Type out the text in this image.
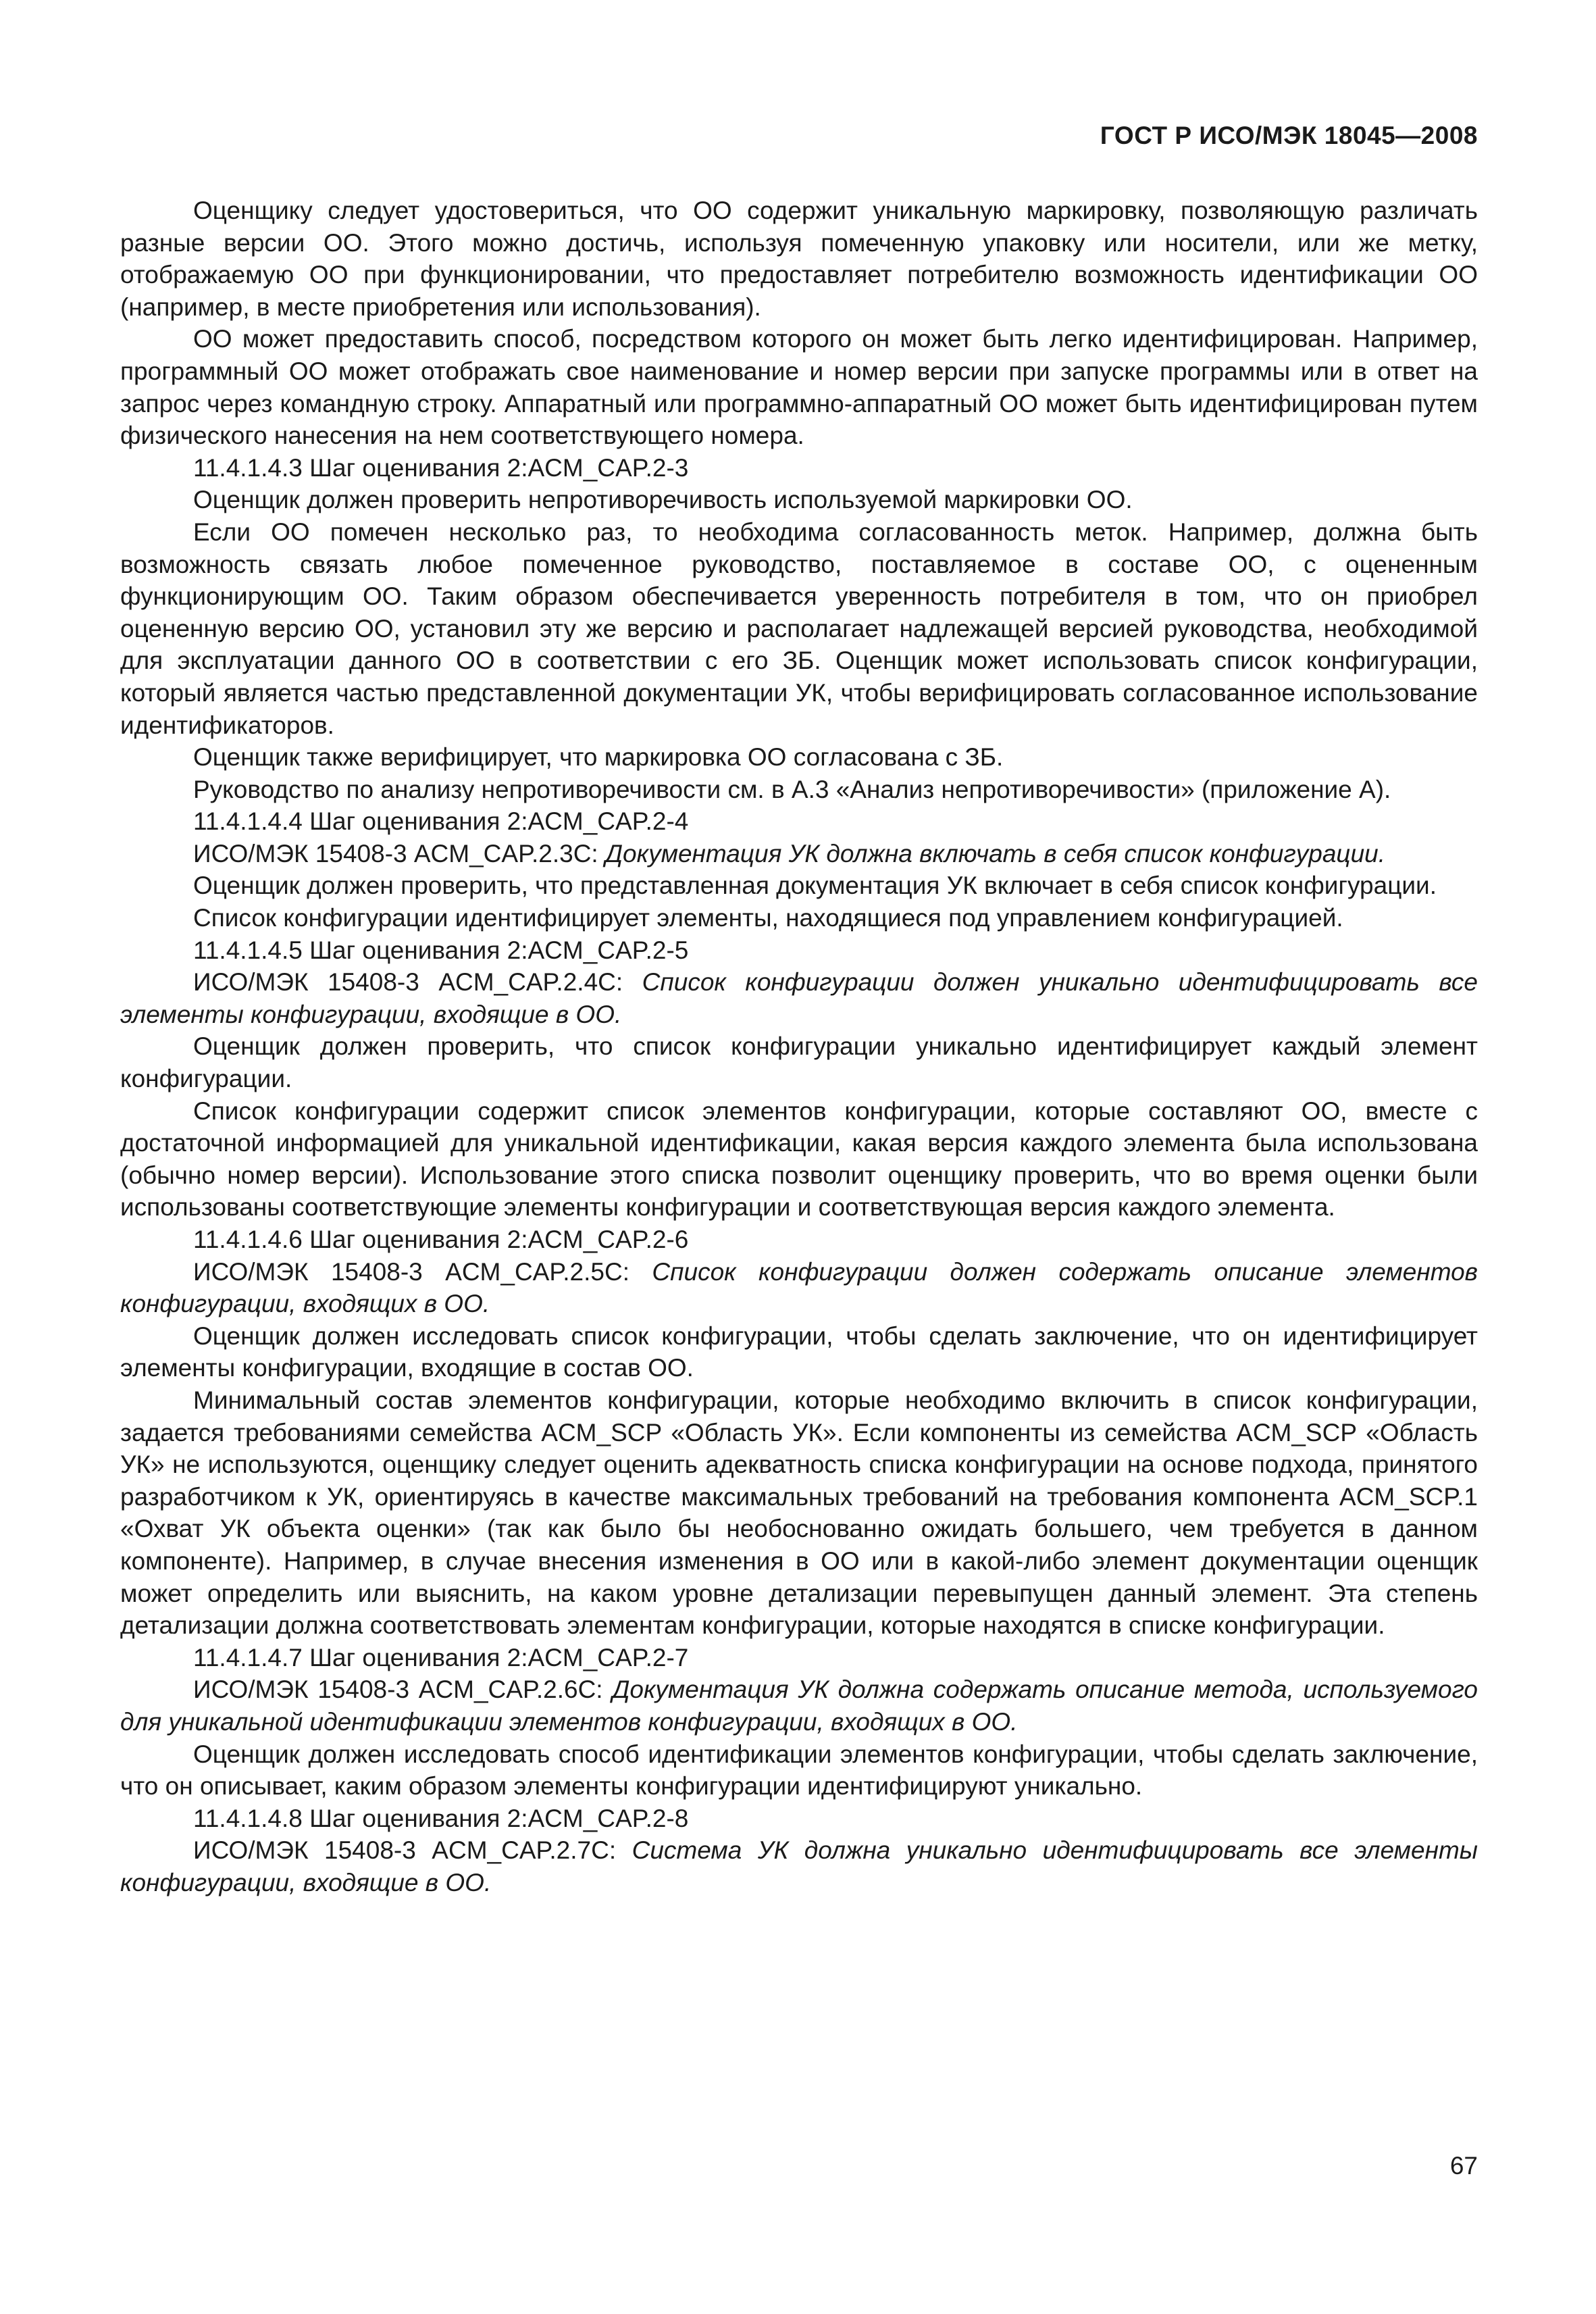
ГОСТ Р ИСО/МЭК 18045—2008

Оценщику следует удостовериться, что ОО содержит уникальную маркировку, позволяющую различать разные версии ОО. Этого можно достичь, используя помеченную упаковку или носители, или же метку, отображаемую ОО при функционировании, что предоставляет потребителю возможность идентификации ОО (например, в месте приобретения или использования).

ОО может предоставить способ, посредством которого он может быть легко идентифицирован. Например, программный ОО может отображать свое наименование и номер версии при запуске программы или в ответ на запрос через командную строку. Аппаратный или программно-аппаратный ОО может быть идентифицирован путем физического нанесения на нем соответствующего номера.

11.4.1.4.3 Шаг оценивания 2:ACM_CAP.2-3

Оценщик должен проверить непротиворечивость используемой маркировки ОО.

Если ОО помечен несколько раз, то необходима согласованность меток. Например, должна быть возможность связать любое помеченное руководство, поставляемое в составе ОО, с оцененным функционирующим ОО. Таким образом обеспечивается уверенность потребителя в том, что он приобрел оцененную версию ОО, установил эту же версию и располагает надлежащей версией руководства, необходимой для эксплуатации данного ОО в соответствии с его ЗБ. Оценщик может использовать список конфигурации, который является частью представленной документации УК, чтобы верифицировать согласованное использование идентификаторов.

Оценщик также верифицирует, что маркировка ОО согласована с ЗБ.

Руководство по анализу непротиворечивости см. в А.3 «Анализ непротиворечивости» (приложение А).

11.4.1.4.4 Шаг оценивания 2:ACM_CAP.2-4

ИСО/МЭК 15408-3 ACM_CAP.2.3C: Документация УК должна включать в себя список конфигурации.

Оценщик должен проверить, что представленная документация УК включает в себя список конфигурации.

Список конфигурации идентифицирует элементы, находящиеся под управлением конфигурацией.

11.4.1.4.5 Шаг оценивания 2:ACM_CAP.2-5

ИСО/МЭК 15408-3 ACM_CAP.2.4C: Список конфигурации должен уникально идентифицировать все элементы конфигурации, входящие в ОО.

Оценщик должен проверить, что список конфигурации уникально идентифицирует каждый элемент конфигурации.

Список конфигурации содержит список элементов конфигурации, которые составляют ОО, вместе с достаточной информацией для уникальной идентификации, какая версия каждого элемента была использована (обычно номер версии). Использование этого списка позволит оценщику проверить, что во время оценки были использованы соответствующие элементы конфигурации и соответствующая версия каждого элемента.

11.4.1.4.6 Шаг оценивания 2:ACM_CAP.2-6

ИСО/МЭК 15408-3 ACM_CAP.2.5C: Список конфигурации должен содержать описание элементов конфигурации, входящих в ОО.

Оценщик должен исследовать список конфигурации, чтобы сделать заключение, что он идентифицирует элементы конфигурации, входящие в состав ОО.

Минимальный состав элементов конфигурации, которые необходимо включить в список конфигурации, задается требованиями семейства ACM_SCP «Область УК». Если компоненты из семейства ACM_SCP «Область УК» не используются, оценщику следует оценить адекватность списка конфигурации на основе подхода, принятого разработчиком к УК, ориентируясь в качестве максимальных требований на требования компонента ACM_SCP.1 «Охват УК объекта оценки» (так как было бы необоснованно ожидать большего, чем требуется в данном компоненте). Например, в случае внесения изменения в ОО или в какой-либо элемент документации оценщик может определить или выяснить, на каком уровне детализации перевыпущен данный элемент. Эта степень детализации должна соответствовать элементам конфигурации, которые находятся в списке конфигурации.

11.4.1.4.7 Шаг оценивания 2:ACM_CAP.2-7

ИСО/МЭК 15408-3 ACM_CAP.2.6C: Документация УК должна содержать описание метода, используемого для уникальной идентификации элементов конфигурации, входящих в ОО.

Оценщик должен исследовать способ идентификации элементов конфигурации, чтобы сделать заключение, что он описывает, каким образом элементы конфигурации идентифицируют уникально.

11.4.1.4.8 Шаг оценивания 2:ACM_CAP.2-8

ИСО/МЭК 15408-3 ACM_CAP.2.7C: Система УК должна уникально идентифицировать все элементы конфигурации, входящие в ОО.

67
